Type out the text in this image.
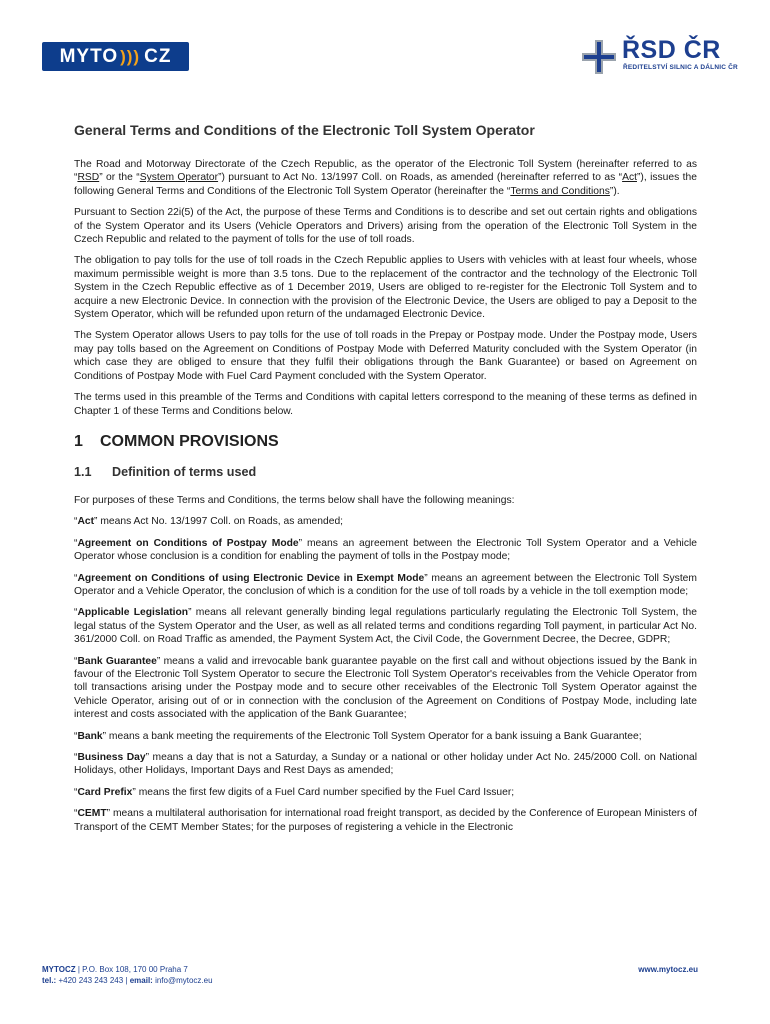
MYTO ))) CZ	ŘSD ČR
ŘEDITELSTVÍ SILNIC A DÁLNIC ČR
General Terms and Conditions of the Electronic Toll System Operator

The Road and Motorway Directorate of the Czech Republic, as the operator of the Electronic Toll System (hereinafter referred to as “RSD” or the “System Operator”) pursuant to Act No. 13/1997 Coll. on Roads, as amended (hereinafter referred to as “Act”), issues the following General Terms and Conditions of the Electronic Toll System Operator (hereinafter the “Terms and Conditions”).

Pursuant to Section 22i(5) of the Act, the purpose of these Terms and Conditions is to describe and set out certain rights and obligations of the System Operator and its Users (Vehicle Operators and Drivers) arising from the operation of the Electronic Toll System in the Czech Republic and related to the payment of tolls for the use of toll roads.

The obligation to pay tolls for the use of toll roads in the Czech Republic applies to Users with vehicles with at least four wheels, whose maximum permissible weight is more than 3.5 tons. Due to the replacement of the contractor and the technology of the Electronic Toll System in the Czech Republic effective as of 1 December 2019, Users are obliged to re-register for the Electronic Toll System and to acquire a new Electronic Device. In connection with the provision of the Electronic Device, the Users are obliged to pay a Deposit to the System Operator, which will be refunded upon return of the undamaged Electronic Device.

The System Operator allows Users to pay tolls for the use of toll roads in the Prepay or Postpay mode. Under the Postpay mode, Users may pay tolls based on the Agreement on Conditions of Postpay Mode with Deferred Maturity concluded with the System Operator (in which case they are obliged to ensure that they fulfil their obligations through the Bank Guarantee) or based on Agreement on Conditions of Postpay Mode with Fuel Card Payment concluded with the System Operator.

The terms used in this preamble of the Terms and Conditions with capital letters correspond to the meaning of these terms as defined in Chapter 1 of these Terms and Conditions below.

1	COMMON PROVISIONS
1.1	Definition of terms used

For purposes of these Terms and Conditions, the terms below shall have the following meanings:

“Act” means Act No. 13/1997 Coll. on Roads, as amended;

“Agreement on Conditions of Postpay Mode” means an agreement between the Electronic Toll System Operator and a Vehicle Operator whose conclusion is a condition for enabling the payment of tolls in the Postpay mode;

“Agreement on Conditions of using Electronic Device in Exempt Mode” means an agreement between the Electronic Toll System Operator and a Vehicle Operator, the conclusion of which is a condition for the use of toll roads by a vehicle in the toll exemption mode;

“Applicable Legislation” means all relevant generally binding legal regulations particularly regulating the Electronic Toll System, the legal status of the System Operator and the User, as well as all related terms and conditions regarding Toll payment, in particular Act No. 361/2000 Coll. on Road Traffic as amended, the Payment System Act, the Civil Code, the Government Decree, the Decree, GDPR;

“Bank Guarantee” means a valid and irrevocable bank guarantee payable on the first call and without objections issued by the Bank in favour of the Electronic Toll System Operator to secure the Electronic Toll System Operator's receivables from the Vehicle Operator from toll transactions arising under the Postpay mode and to secure other receivables of the Electronic Toll System Operator against the Vehicle Operator, arising out of or in connection with the conclusion of the Agreement on Conditions of Postpay Mode, including late interest and costs associated with the application of the Bank Guarantee;

“Bank” means a bank meeting the requirements of the Electronic Toll System Operator for a bank issuing a Bank Guarantee;

“Business Day” means a day that is not a Saturday, a Sunday or a national or other holiday under Act No. 245/2000 Coll. on National Holidays, other Holidays, Important Days and Rest Days as amended;

“Card Prefix” means the first few digits of a Fuel Card number specified by the Fuel Card Issuer;

“CEMT” means a multilateral authorisation for international road freight transport, as decided by the Conference of European Ministers of Transport of the CEMT Member States; for the purposes of registering a vehicle in the Electronic

MYTOCZ | P.O. Box 108, 170 00 Praha 7
tel.: +420 243 243 243 | email: info@mytocz.eu
www.mytocz.eu
